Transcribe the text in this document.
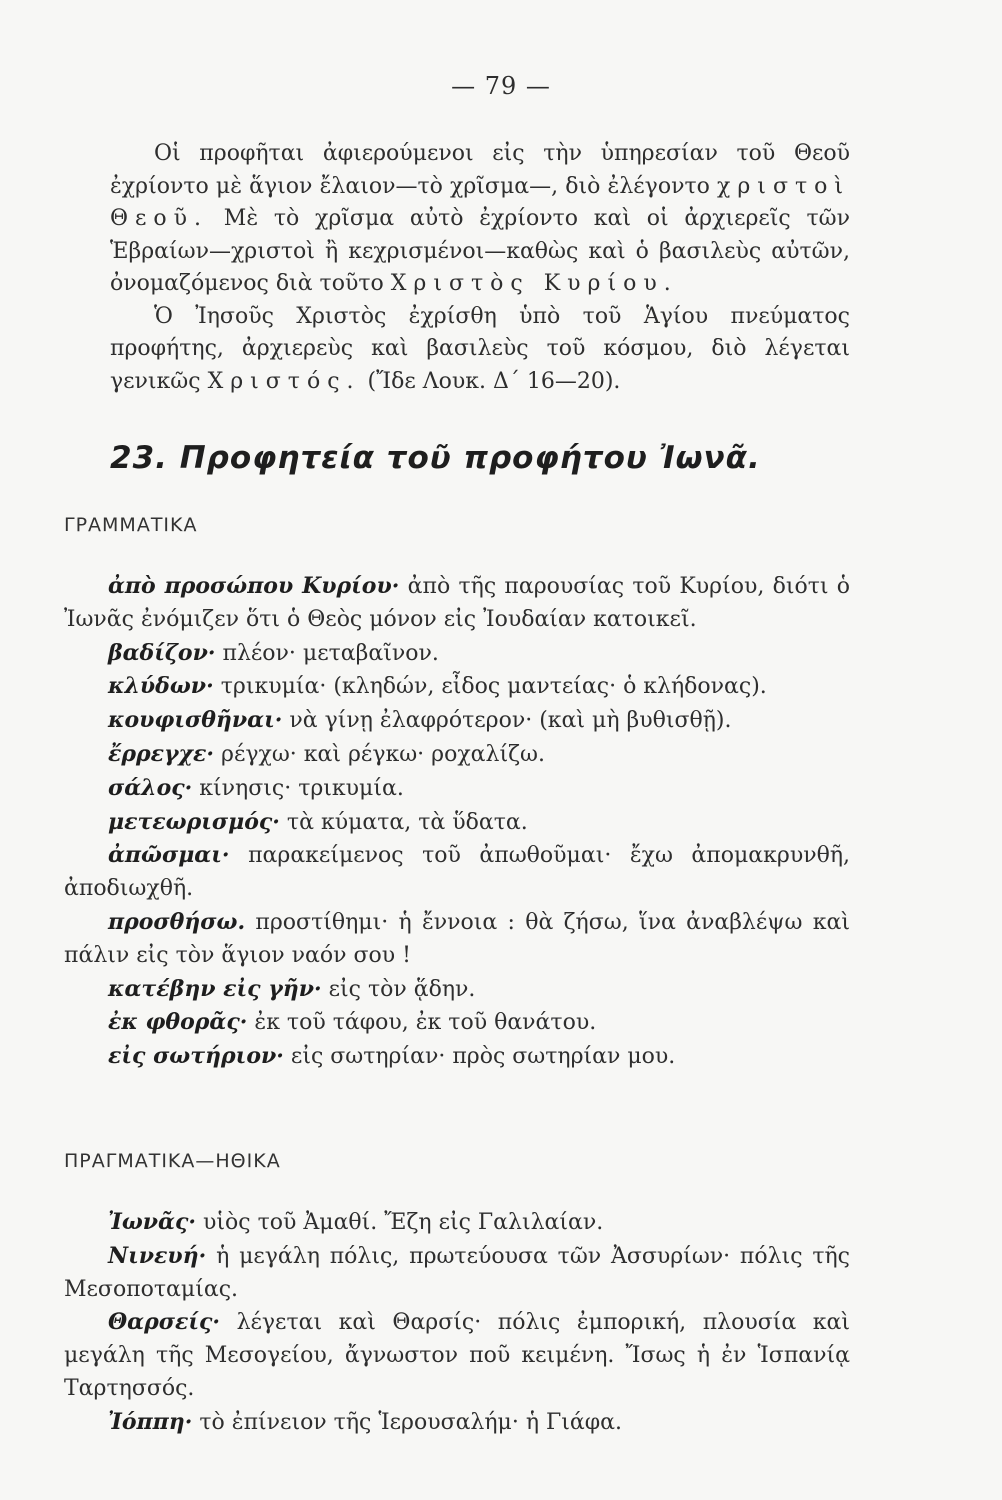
— 79 —

Οἱ προφῆται ἀφιερούμενοι εἰς τὴν ὑπηρεσίαν τοῦ Θεοῦ ἐχρίοντο μὲ ἅγιον ἔλαιον—τὸ χρῖσμα—, διὸ ἐλέγοντο χριστοὶ Θεοῦ. Μὲ τὸ χρῖσμα αὐτὸ ἐχρίοντο καὶ οἱ ἀρχιερεῖς τῶν Ἑβραίων—χριστοὶ ἢ κεχρισμένοι—καθὼς καὶ ὁ βασιλεὺς αὐτῶν, ὀνομαζόμενος διὰ τοῦτο Χριστὸς Κυρίου.

Ὁ Ἰησοῦς Χριστὸς ἐχρίσθη ὑπὸ τοῦ Ἁγίου πνεύματος προφήτης, ἀρχιερεὺς καὶ βασιλεὺς τοῦ κόσμου, διὸ λέγεται γενικῶς Χριστός. (Ἴδε Λουκ. Δ΄ 16—20).

23. Προφητεία τοῦ προφήτου Ἰωνᾶ.
ΓΡΑΜΜΑΤΙΚΑ

ἀπὸ προσώπου Κυρίου· ἀπὸ τῆς παρουσίας τοῦ Κυρίου, διότι ὁ Ἰωνᾶς ἐνόμιζεν ὅτι ὁ Θεὸς μόνον εἰς Ἰουδαίαν κατοικεῖ.

βαδίζον· πλέον· μεταβαῖνον.

κλύδων· τρικυμία· (κληδών, εἶδος μαντείας· ὁ κλήδονας).

κουφισθῆναι· νὰ γίνῃ ἐλαφρότερον· (καὶ μὴ βυθισθῇ).

ἔρρεγχε· ρέγχω· καὶ ρέγκω· ροχαλίζω.

σάλος· κίνησις· τρικυμία.

μετεωρισμός· τὰ κύματα, τὰ ὕδατα.

ἀπῶσμαι· παρακείμενος τοῦ ἀπωθοῦμαι· ἔχω ἀπομακρυνθῆ, ἀποδιωχθῆ.

προσθήσω. προστίθημι· ἡ ἔννοια : θὰ ζήσω, ἵνα ἀναβλέψω καὶ πάλιν εἰς τὸν ἅγιον ναόν σου !

κατέβην εἰς γῆν· εἰς τὸν ᾅδην.

ἐκ φθορᾶς· ἐκ τοῦ τάφου, ἐκ τοῦ θανάτου.

εἰς σωτήριον· εἰς σωτηρίαν· πρὸς σωτηρίαν μου.

ΠΡΑΓΜΑΤΙΚΑ—ΗΘΙΚΑ

Ἰωνᾶς· υἱὸς τοῦ Ἀμαθί. Ἔζη εἰς Γαλιλαίαν.

Νινευή· ἡ μεγάλη πόλις, πρωτεύουσα τῶν Ἀσσυρίων· πόλις τῆς Μεσοποταμίας.

Θαρσείς· λέγεται καὶ Θαρσίς· πόλις ἐμπορική, πλουσία καὶ μεγάλη τῆς Μεσογείου, ἄγνωστον ποῦ κειμένη. Ἴσως ἡ ἐν Ἱσπανίᾳ Ταρτησσός.

Ἰόππη· τὸ ἐπίνειον τῆς Ἱερουσαλήμ· ἡ Γιάφα.
